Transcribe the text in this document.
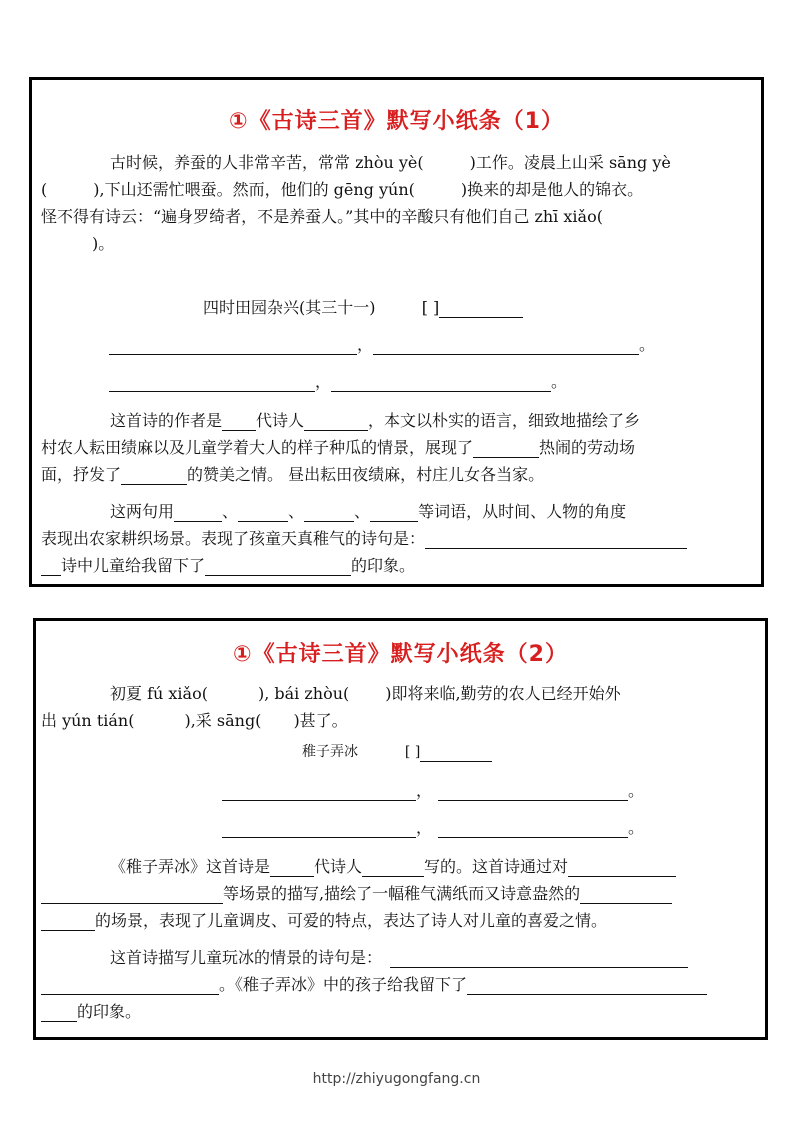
①《古诗三首》默写小纸条（1）
古时候，养蚕的人非常辛苦，常常 zhòu yè(	)工作。凌晨上山采 sāng yè
(	),下山还需忙喂蚕。然而，他们的 gēng yún(	)换来的却是他人的锦衣。
怪不得有诗云：“遍身罗绮者，不是养蚕人。”其中的辛酸只有他们自己 zhī xiǎo(
)。
四时田园杂兴(其三十一)	[ ]
，	。
，	。
这首诗的作者是 代诗人	，本文以朴实的语言，细致地描绘了乡
村农人耘田绩麻以及儿童学着大人的样子种瓜的情景，展现了	热闹的劳动场
面，抒发了	的赞美之情。 昼出耘田夜绩麻，村庄儿女各当家。
这两句用	、	、	、	等词语，从时间、人物的角度
表现出农家耕织场景。表现了孩童天真稚气的诗句是：
诗中儿童给我留下了	的印象。
①《古诗三首》默写小纸条（2）
初夏 fú xiǎo(	), bái zhòu( )即将来临,勤劳的农人已经开始外
出 yún tián(	),采 sāng( )甚了。
稚子弄冰	[ ]
，	。
，	。
《稚子弄冰》这首诗是	代诗人	写的。这首诗通过对
等场景的描写,描绘了一幅稚气满纸而又诗意盎然的
的场景，表现了儿童调皮、可爱的特点，表达了诗人对儿童的喜爱之情。
这首诗描写儿童玩冰的情景的诗句是：
。《稚子弄冰》中的孩子给我留下了
的印象。
http://zhiyugongfang.cn
